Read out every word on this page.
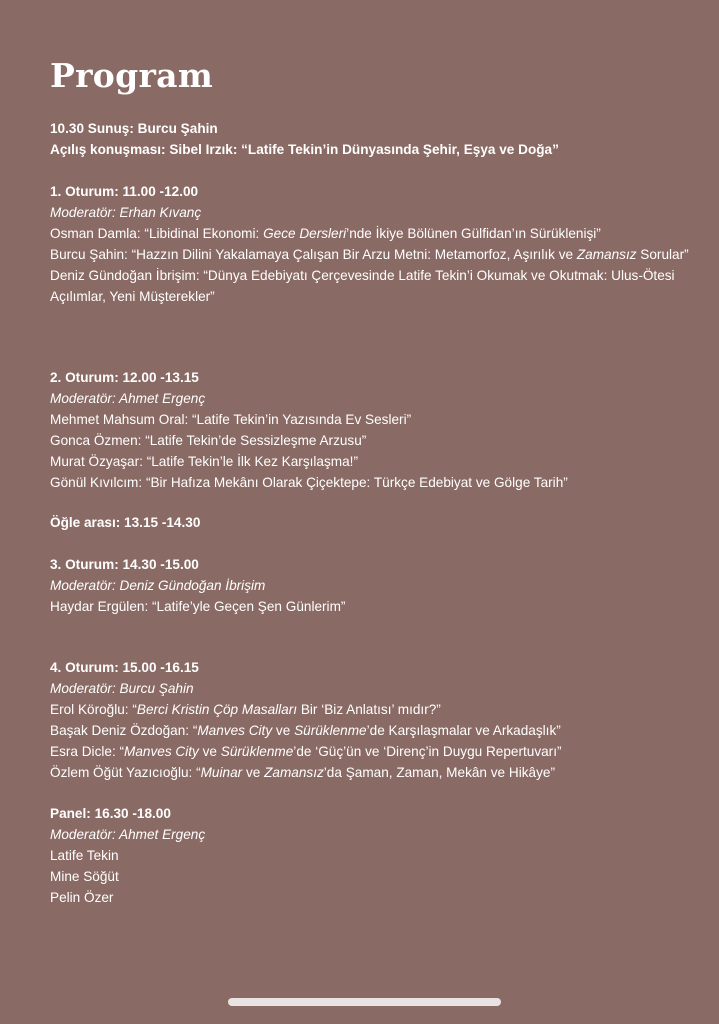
Program
10.30 Sunuş: Burcu Şahin
Açılış konuşması: Sibel Irzık: “Latife Tekin’in Dünyasında Şehir, Eşya ve Doğa”
1. Oturum: 11.00 -12.00
Moderatör: Erhan Kıvanç
Osman Damla: “Libidinal Ekonomi: Gece Dersleri’nde İkiye Bölünen Gülfidan’ın Sürüklenişi”
Burcu Şahin: “Hazzın Dilini Yakalamaya Çalışan Bir Arzu Metni: Metamorfoz, Aşırılık ve Zamansız Sorular”
Deniz Gündoğan İbrişim: “Dünya Edebiyatı Çerçevesinde Latife Tekin’i Okumak ve Okutmak: Ulus-Ötesi Açılımlar, Yeni Müşterekler”
2. Oturum: 12.00 -13.15
Moderatör: Ahmet Ergenç
Mehmet Mahsum Oral: “Latife Tekin’in Yazısında Ev Sesleri”
Gonca Özmen: “Latife Tekin’de Sessizleşme Arzusu”
Murat Özyaşar: “Latife Tekin’le İlk Kez Karşılaşma!”
Gönül Kıvılcım: “Bir Hafıza Mekânı Olarak Çiçektepe: Türkçe Edebiyat ve Gölge Tarih”
Öğle arası: 13.15 -14.30
3. Oturum: 14.30 -15.00
Moderatör: Deniz Gündoğan İbrişim
Haydar Ergülen: “Latife’yle Geçen Şen Günlerim”
4. Oturum: 15.00 -16.15
Moderatör: Burcu Şahin
Erol Köroğlu: “Berci Kristin Çöp Masalları Bir ‘Biz Anlatısı’ mıdır?”
Başak Deniz Özdoğan: “Manves City ve Sürüklenme’de Karşılaşmalar ve Arkadaşlık”
Esra Dicle: “Manves City ve Sürüklenme’de ‘Güç’ün ve ‘Direnç’in Duygu Repertuvarı”
Özlem Öğüt Yazıcıoğlu: “Muinar ve Zamansız’da Şaman, Zaman, Mekân ve Hikâye”
Panel: 16.30 -18.00
Moderatör: Ahmet Ergenç
Latife Tekin
Mine Söğüt
Pelin Özer
